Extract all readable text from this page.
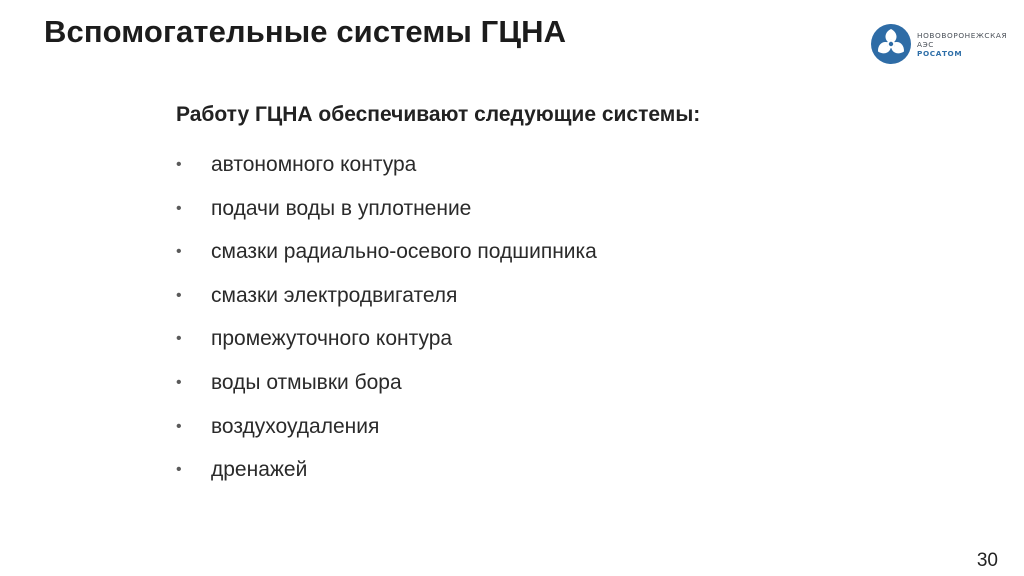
Вспомогательные системы ГЦНА	НОВОВОРОНЕЖСКАЯ
АЭС
РОСАТОМ
Работу ГЦНА обеспечивают следующие системы:
• автономного контура
• подачи воды в уплотнение
• смазки радиально-осевого подшипника
• смазки электродвигателя
• промежуточного контура
• воды отмывки бора
• воздухоудаления
• дренажей
30
